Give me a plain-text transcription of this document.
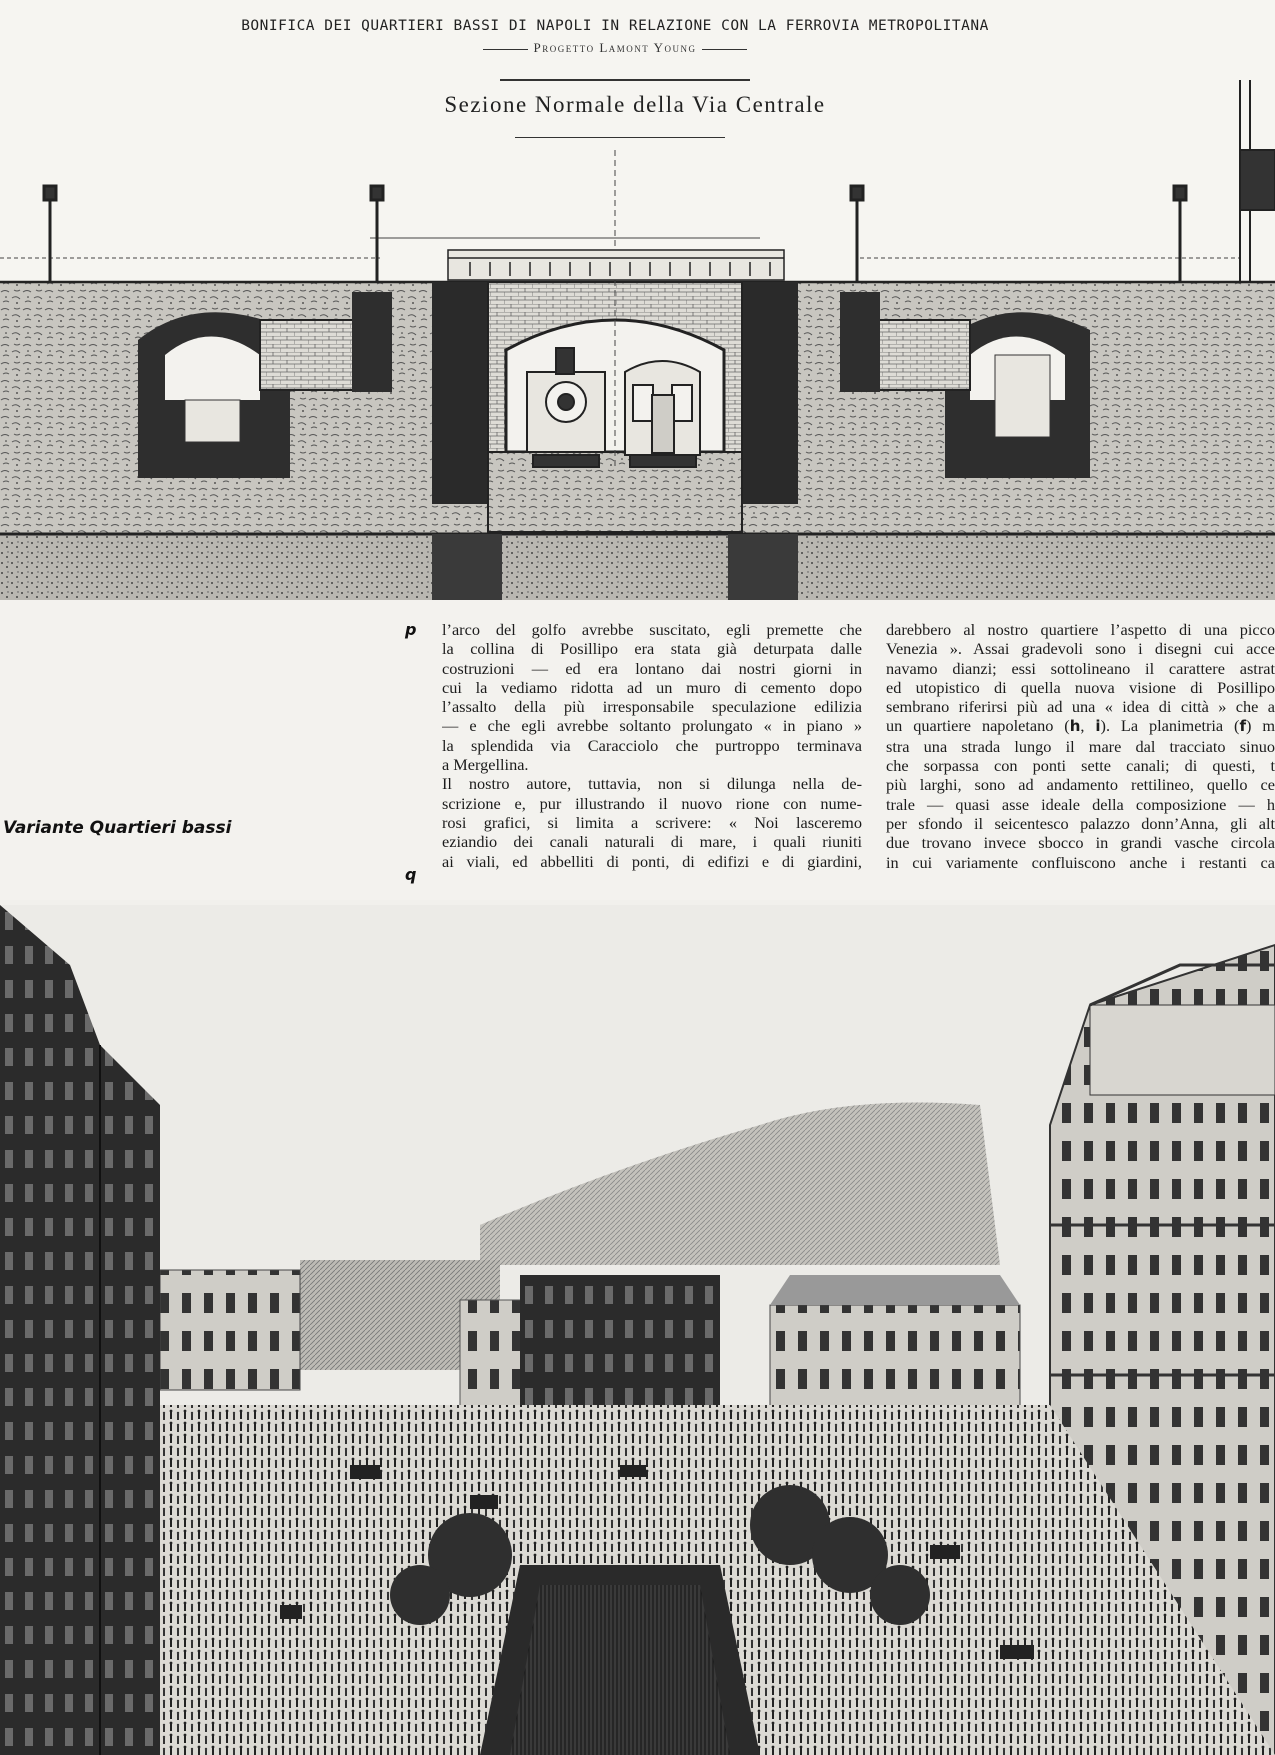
BONIFICA DEI QUARTIERI BASSI DI NAPOLI IN RELAZIONE CON LA FERROVIA METROPOLITANA
Progetto Lamont Young
Sezione Normale della Via Centrale
p
q
Variante Quartieri bassi
l’arco del golfo avrebbe suscitato, egli premette che
la collina di Posillipo era stata già deturpata dalle
costruzioni — ed era lontano dai nostri giorni in
cui la vediamo ridotta ad un muro di cemento dopo
l’assalto della più irresponsabile speculazione edilizia
— e che egli avrebbe soltanto prolungato « in piano »
la splendida via Caracciolo che purtroppo terminava
a Mergellina.
Il nostro autore, tuttavia, non si dilunga nella de-
scrizione e, pur illustrando il nuovo rione con nume-
rosi grafici, si limita a scrivere: « Noi lasceremo
eziandio dei canali naturali di mare, i quali riuniti
ai viali, ed abbelliti di ponti, di edifizi e di giardini,
darebbero al nostro quartiere l’aspetto di una picco
Venezia ». Assai gradevoli sono i disegni cui acce
navamo dianzi; essi sottolineano il carattere astrat
ed utopistico di quella nuova visione di Posillipo
sembrano riferirsi più ad una « idea di città » che a
un quartiere napoletano (h, i). La planimetria (f) m
stra una strada lungo il mare dal tracciato sinuo
che sorpassa con ponti sette canali; di questi, t
più larghi, sono ad andamento rettilineo, quello ce
trale — quasi asse ideale della composizione — h
per sfondo il seicentesco palazzo donn’Anna, gli alt
due trovano invece sbocco in grandi vasche circola
in cui variamente confluiscono anche i restanti ca
